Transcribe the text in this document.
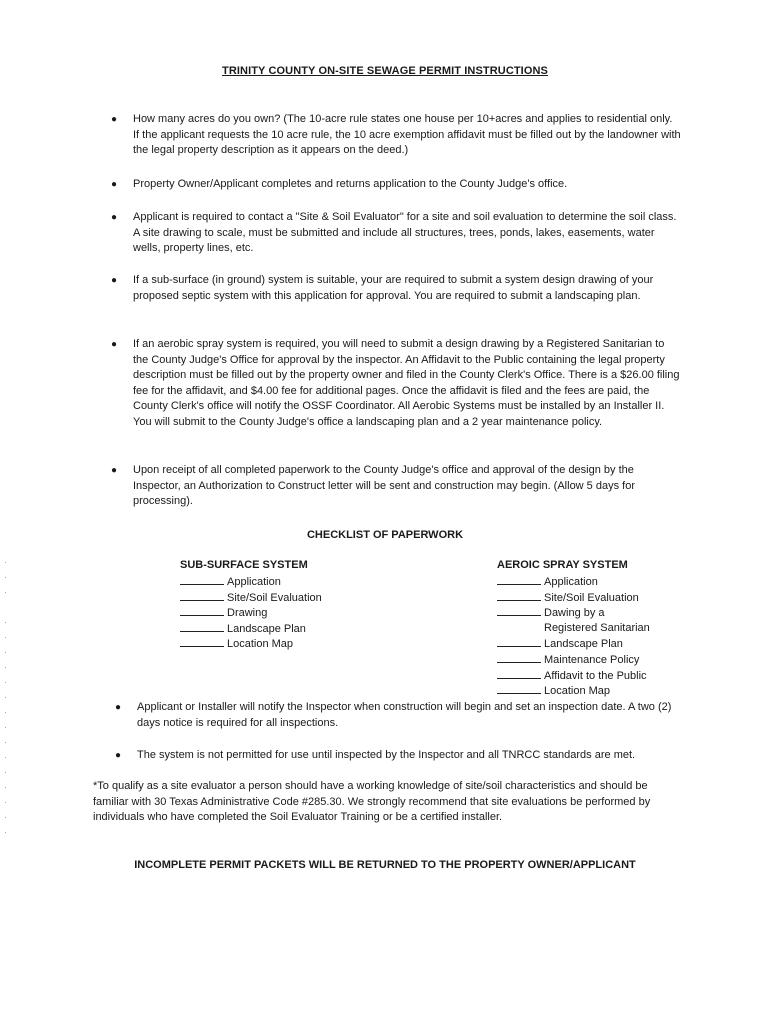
TRINITY COUNTY ON-SITE SEWAGE PERMIT INSTRUCTIONS
● How many acres do you own? (The 10-acre rule states one house per 10+acres and applies to residential only. If the applicant requests the 10 acre rule, the 10 acre exemption affidavit must be filled out by the landowner with the legal property description as it appears on the deed.)
● Property Owner/Applicant completes and returns application to the County Judge's office.
● Applicant is required to contact a "Site & Soil Evaluator" for a site and soil evaluation to determine the soil class. A site drawing to scale, must be submitted and include all structures, trees, ponds, lakes, easements, water wells, property lines, etc.
● If a sub-surface (in ground) system is suitable, your are required to submit a system design drawing of your proposed septic system with this application for approval. You are required to submit a landscaping plan.
● If an aerobic spray system is required, you will need to submit a design drawing by a Registered Sanitarian to the County Judge's Office for approval by the inspector. An Affidavit to the Public containing the legal property description must be filled out by the property owner and filed in the County Clerk's Office. There is a $26.00 filing fee for the affidavit, and $4.00 fee for additional pages. Once the affidavit is filed and the fees are paid, the County Clerk's office will notify the OSSF Coordinator. All Aerobic Systems must be installed by an Installer II. You will submit to the County Judge's office a landscaping plan and a 2 year maintenance policy.
● Upon receipt of all completed paperwork to the County Judge's office and approval of the design by the Inspector, an Authorization to Construct letter will be sent and construction may begin. (Allow 5 days for processing).
CHECKLIST OF PAPERWORK
SUB-SURFACE SYSTEM
Application
Site/Soil Evaluation
Drawing
Landscape Plan
Location Map
AEROIC SPRAY SYSTEM
Application
Site/Soil Evaluation
Dawing by a
Registered Sanitarian
Landscape Plan
Maintenance Policy
Affidavit to the Public
Location Map
● Applicant or Installer will notify the Inspector when construction will begin and set an inspection date. A two (2) days notice is required for all inspections.
● The system is not permitted for use until inspected by the Inspector and all TNRCC standards are met.
*To qualify as a site evaluator a person should have a working knowledge of site/soil characteristics and should be familiar with 30 Texas Administrative Code #285.30. We strongly recommend that site evaluations be performed by individuals who have completed the Soil Evaluator Training or be a certified installer.
INCOMPLETE PERMIT PACKETS WILL BE RETURNED TO THE PROPERTY OWNER/APPLICANT
·
·
·

·
·
·
·
·
·
·
·
·
·
·
·
·
·
·
